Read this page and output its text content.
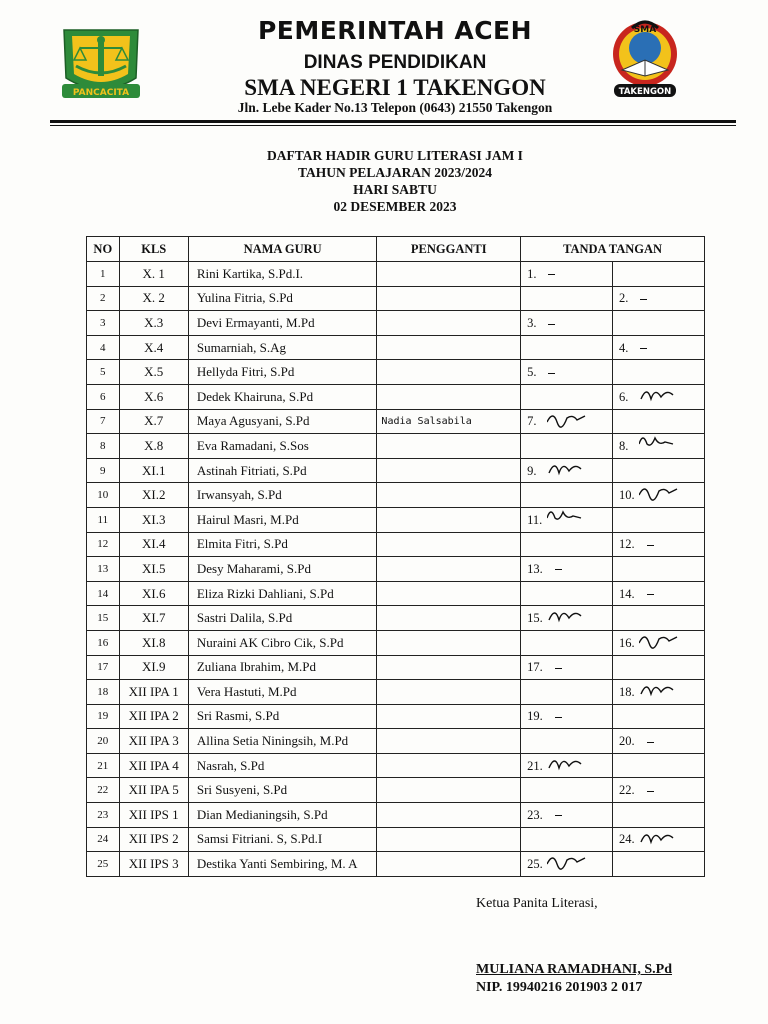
PANCACITA
SMA
TAKENGON
PEMERINTAH ACEH
DINAS PENDIDIKAN
SMA NEGERI 1 TAKENGON
Jln. Lebe Kader No.13 Telepon (0643) 21550 Takengon
DAFTAR HADIR GURU LITERASI JAM I
TAHUN PELAJARAN 2023/2024
HARI SABTU
02 DESEMBER 2023
NO	KLS	NAMA GURU	PENGGANTI	TANDA TANGAN	
1	X. 1	Rini Kartika, S.Pd.I.		1.	
2	X. 2	Yulina Fitria, S.Pd			2.
3	X.3	Devi Ermayanti, M.Pd		3.	
4	X.4	Sumarniah, S.Ag			4.
5	X.5	Hellyda Fitri, S.Pd		5.	
6	X.6	Dedek Khairuna, S.Pd			6.

7	X.7	Maya Agusyani, S.Pd	Nadia Salsabila	7.

8	X.8	Eva Ramadani, S.Sos			8.

9	XI.1	Astinah Fitriati, S.Pd		9.

10	XI.2	Irwansyah, S.Pd			10.

11	XI.3	Hairul Masri, M.Pd		11.

12	XI.4	Elmita Fitri, S.Pd			12.
13	XI.5	Desy Maharami, S.Pd		13.	
14	XI.6	Eliza Rizki Dahliani, S.Pd			14.
15	XI.7	Sastri Dalila, S.Pd		15.

16	XI.8	Nuraini AK Cibro Cik, S.Pd			16.

17	XI.9	Zuliana Ibrahim, M.Pd		17.	
18	XII IPA 1	Vera Hastuti, M.Pd			18.

19	XII IPA 2	Sri Rasmi, S.Pd		19.	
20	XII IPA 3	Allina Setia Niningsih, M.Pd			20.
21	XII IPA 4	Nasrah, S.Pd		21.

22	XII IPA 5	Sri Susyeni, S.Pd			22.
23	XII IPS 1	Dian Medianingsih, S.Pd		23.	
24	XII IPS 2	Samsi Fitriani. S, S.Pd.I			24.

25	XII IPS 3	Destika Yanti Sembiring, M. A		25.

Ketua Panita Literasi,
MULIANA RAMADHANI, S.Pd
NIP. 19940216 201903 2 017
